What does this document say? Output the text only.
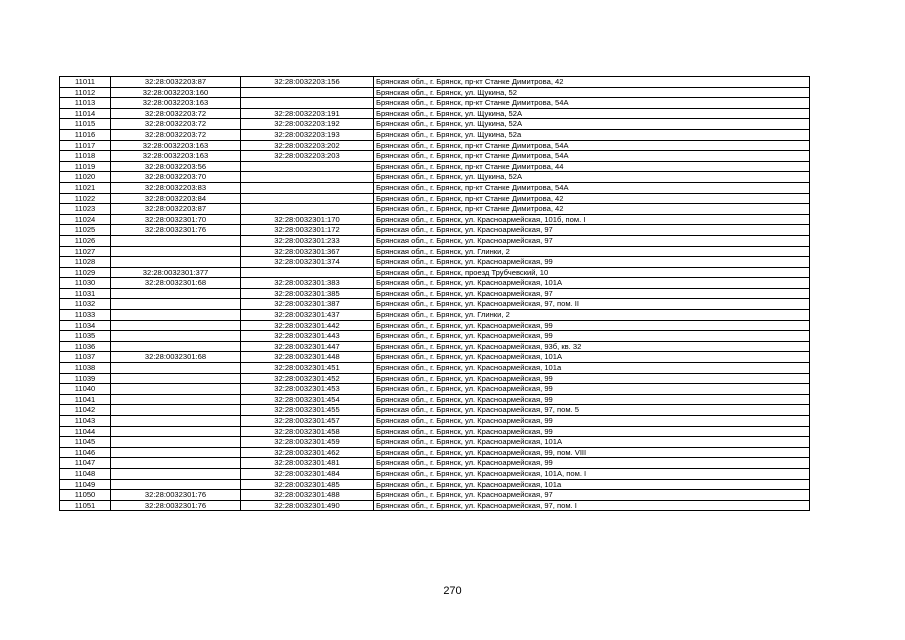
11011	32:28:0032203:87	32:28:0032203:156	Брянская обл., г. Брянск, пр-кт Станке Димитрова, 42
11012	32:28:0032203:160		Брянская обл., г. Брянск, ул. Щукина, 52
11013	32:28:0032203:163		Брянская обл., г. Брянск, пр-кт Станке Димитрова, 54А
11014	32:28:0032203:72	32:28:0032203:191	Брянская обл., г. Брянск, ул. Щукина, 52А
11015	32:28:0032203:72	32:28:0032203:192	Брянская обл., г. Брянск, ул. Щукина, 52А
11016	32:28:0032203:72	32:28:0032203:193	Брянская обл., г. Брянск, ул. Щукина, 52а
11017	32:28:0032203:163	32:28:0032203:202	Брянская обл., г. Брянск, пр-кт Станке Димитрова, 54А
11018	32:28:0032203:163	32:28:0032203:203	Брянская обл., г. Брянск, пр-кт Станке Димитрова, 54А
11019	32:28:0032203:56		Брянская обл., г. Брянск, пр-кт Станке Димитрова, 44
11020	32:28:0032203:70		Брянская обл., г. Брянск, ул. Щукина, 52А
11021	32:28:0032203:83		Брянская обл., г. Брянск, пр-кт Станке Димитрова, 54А
11022	32:28:0032203:84		Брянская обл., г. Брянск, пр-кт Станке Димитрова, 42
11023	32:28:0032203:87		Брянская обл., г. Брянск, пр-кт Станке Димитрова, 42
11024	32:28:0032301:70	32:28:0032301:170	Брянская обл., г. Брянск, ул. Красноармейская, 101б, пом. I
11025	32:28:0032301:76	32:28:0032301:172	Брянская обл., г. Брянск, ул. Красноармейская, 97
11026		32:28:0032301:233	Брянская обл., г. Брянск, ул. Красноармейская, 97
11027		32:28:0032301:367	Брянская обл., г. Брянск, ул. Глинки, 2
11028		32:28:0032301:374	Брянская обл., г. Брянск, ул. Красноармейская, 99
11029	32:28:0032301:377		Брянская обл., г. Брянск, проезд Трубчевский, 10
11030	32:28:0032301:68	32:28:0032301:383	Брянская обл., г. Брянск, ул. Красноармейская, 101А
11031		32:28:0032301:385	Брянская обл., г. Брянск, ул. Красноармейская, 97
11032		32:28:0032301:387	Брянская обл., г. Брянск, ул. Красноармейская, 97, пом. II
11033		32:28:0032301:437	Брянская обл., г. Брянск, ул. Глинки, 2
11034		32:28:0032301:442	Брянская обл., г. Брянск, ул. Красноармейская, 99
11035		32:28:0032301:443	Брянская обл., г. Брянск, ул. Красноармейская, 99
11036		32:28:0032301:447	Брянская обл., г. Брянск, ул. Красноармейская, 93б, кв. 32
11037	32:28:0032301:68	32:28:0032301:448	Брянская обл., г. Брянск, ул. Красноармейская, 101А
11038		32:28:0032301:451	Брянская обл., г. Брянск, ул. Красноармейская, 101а
11039		32:28:0032301:452	Брянская обл., г. Брянск, ул. Красноармейская, 99
11040		32:28:0032301:453	Брянская обл., г. Брянск, ул. Красноармейская, 99
11041		32:28:0032301:454	Брянская обл., г. Брянск, ул. Красноармейская, 99
11042		32:28:0032301:455	Брянская обл., г. Брянск, ул. Красноармейская, 97, пом. 5
11043		32:28:0032301:457	Брянская обл., г. Брянск, ул. Красноармейская, 99
11044		32:28:0032301:458	Брянская обл., г. Брянск, ул. Красноармейская, 99
11045		32:28:0032301:459	Брянская обл., г. Брянск, ул. Красноармейская, 101А
11046		32:28:0032301:462	Брянская обл., г. Брянск, ул. Красноармейская, 99, пом. VIII
11047		32:28:0032301:481	Брянская обл., г. Брянск, ул. Красноармейская, 99
11048		32:28:0032301:484	Брянская обл., г. Брянск, ул. Красноармейская, 101А, пом. I
11049		32:28:0032301:485	Брянская обл., г. Брянск, ул. Красноармейская, 101а
11050	32:28:0032301:76	32:28:0032301:488	Брянская обл., г. Брянск, ул. Красноармейская, 97
11051	32:28:0032301:76	32:28:0032301:490	Брянская обл., г. Брянск, ул. Красноармейская, 97, пом. I
270
